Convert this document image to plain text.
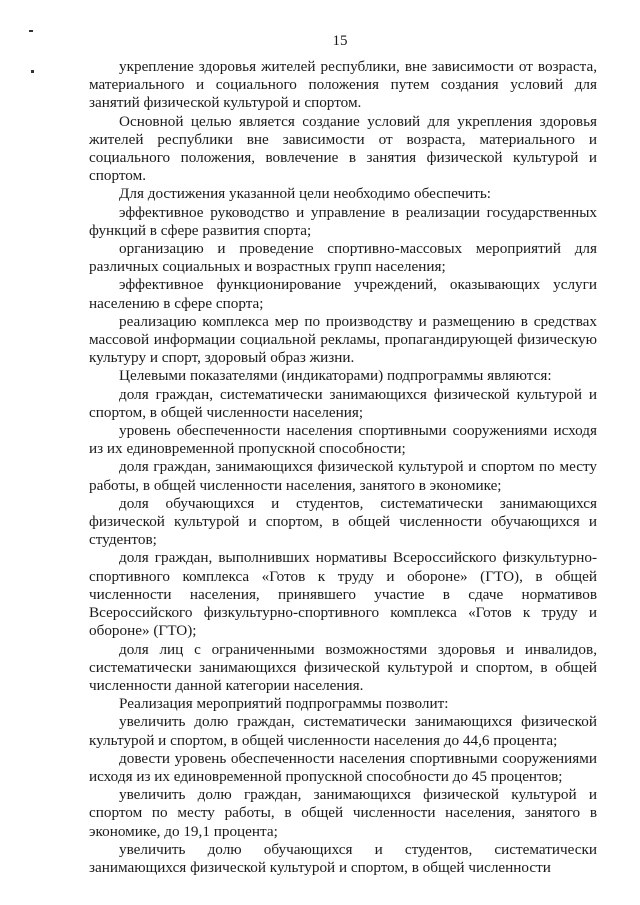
15

укрепление здоровья жителей республики, вне зависимости от возраста, материального и социального положения путем создания условий для занятий физической культурой и спортом.

Основной целью является создание условий для укрепления здоровья жителей республики вне зависимости от возраста, материального и социального положения, вовлечение в занятия физической культурой и спортом.

Для достижения указанной цели необходимо обеспечить:

эффективное руководство и управление в реализации государственных функций в сфере развития спорта;

организацию и проведение спортивно-массовых мероприятий для различных социальных и возрастных групп населения;

эффективное функционирование учреждений, оказывающих услуги населению в сфере спорта;

реализацию комплекса мер по производству и размещению в средствах массовой информации социальной рекламы, пропагандирующей физическую культуру и спорт, здоровый образ жизни.

Целевыми показателями (индикаторами) подпрограммы являются:

доля граждан, систематически занимающихся физической культурой и спортом, в общей численности населения;

уровень обеспеченности населения спортивными сооружениями исходя из их единовременной пропускной способности;

доля граждан, занимающихся физической культурой и спортом по месту работы, в общей численности населения, занятого в экономике;

доля обучающихся и студентов, систематически занимающихся физической культурой и спортом, в общей численности обучающихся и студентов;

доля граждан, выполнивших нормативы Всероссийского физкультурно-спортивного комплекса «Готов к труду и обороне» (ГТО), в общей численности населения, принявшего участие в сдаче нормативов Всероссийского физкультурно-спортивного комплекса «Готов к труду и обороне» (ГТО);

доля лиц с ограниченными возможностями здоровья и инвалидов, систематически занимающихся физической культурой и спортом, в общей численности данной категории населения.

Реализация мероприятий подпрограммы позволит:

увеличить долю граждан, систематически занимающихся физической культурой и спортом, в общей численности населения до 44,6 процента;

довести уровень обеспеченности населения спортивными сооружениями исходя из их единовременной пропускной способности до 45 процентов;

увеличить долю граждан, занимающихся физической культурой и спортом по месту работы, в общей численности населения, занятого в экономике, до 19,1 процента;

увеличить долю обучающихся и студентов, систематически занимающихся физической культурой и спортом, в общей численности
